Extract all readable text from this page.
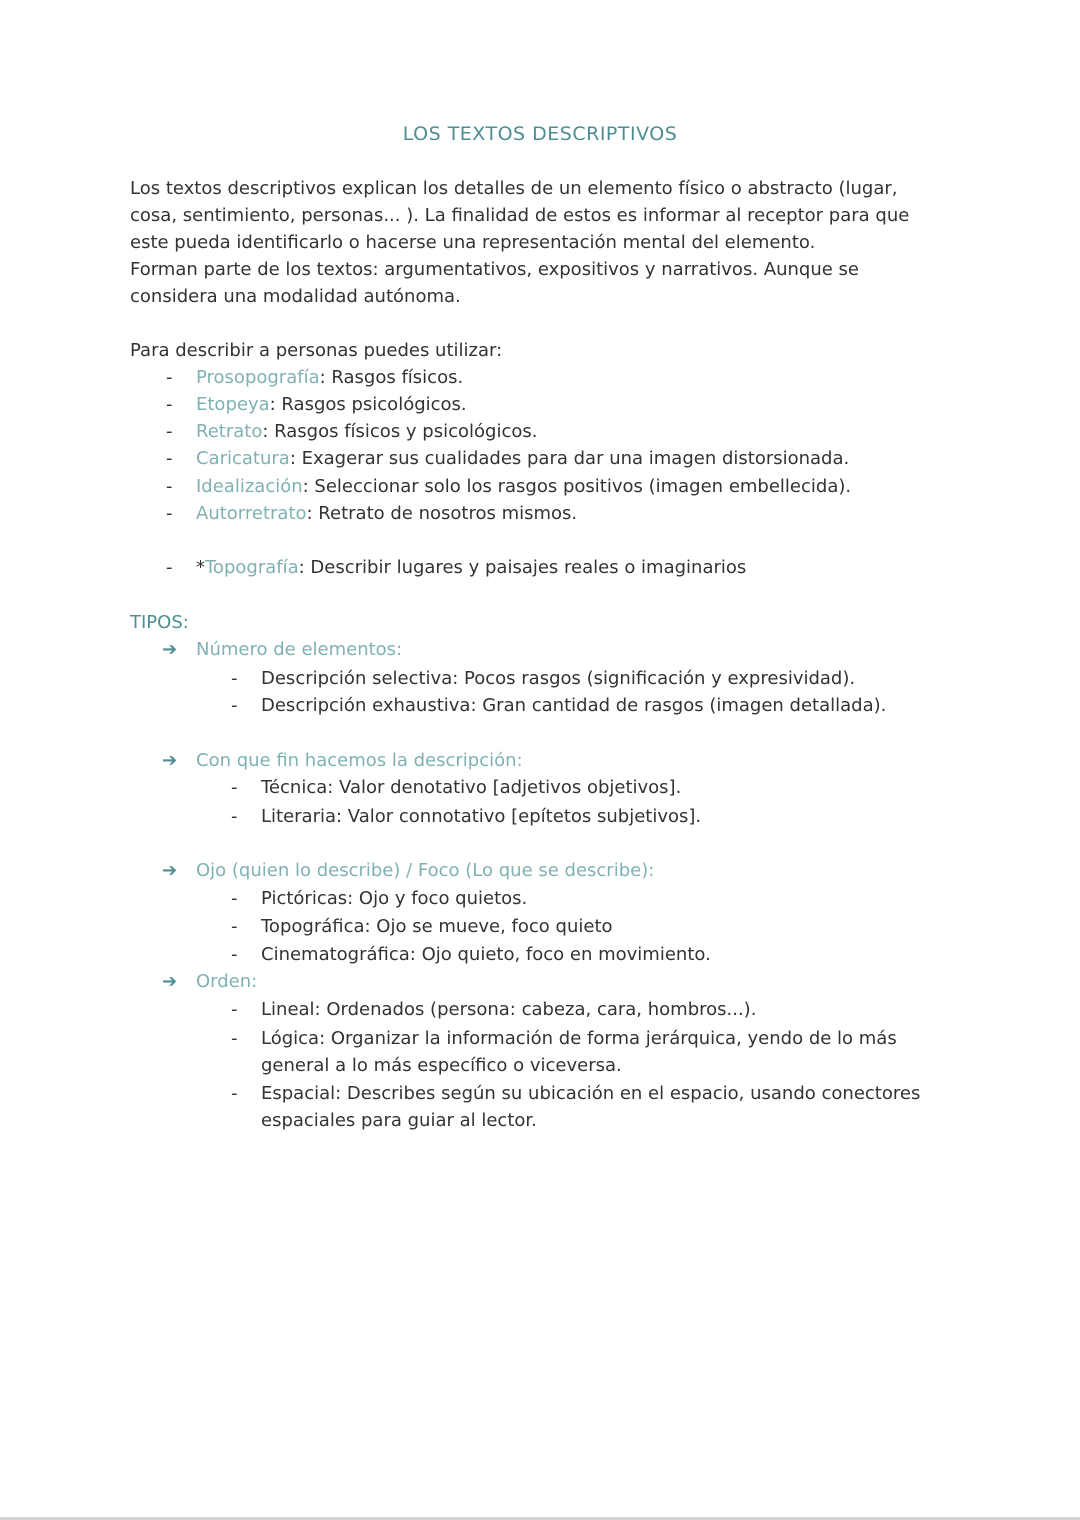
LOS TEXTOS DESCRIPTIVOS
Los textos descriptivos explican los detalles de un elemento físico o abstracto (lugar,
cosa, sentimiento, personas... ). La finalidad de estos es informar al receptor para que
este pueda identificarlo o hacerse una representación mental del elemento.
Forman parte de los textos: argumentativos, expositivos y narrativos. Aunque se
considera una modalidad autónoma.
Para describir a personas puedes utilizar:
- Prosopografía: Rasgos físicos.
- Etopeya: Rasgos psicológicos.
- Retrato: Rasgos físicos y psicológicos.
- Caricatura: Exagerar sus cualidades para dar una imagen distorsionada.
- Idealización: Seleccionar solo los rasgos positivos (imagen embellecida).
- Autorretrato: Retrato de nosotros mismos.
- *Topografía: Describir lugares y paisajes reales o imaginarios
TIPOS:
➔ Número de elementos:
- Descripción selectiva: Pocos rasgos (significación y expresividad).
- Descripción exhaustiva: Gran cantidad de rasgos (imagen detallada).
➔ Con que fin hacemos la descripción:
- Técnica: Valor denotativo [adjetivos objetivos].
- Literaria: Valor connotativo [epítetos subjetivos].
➔ Ojo (quien lo describe) / Foco (Lo que se describe):
- Pictóricas: Ojo y foco quietos.
- Topográfica: Ojo se mueve, foco quieto
- Cinematográfica: Ojo quieto, foco en movimiento.
➔ Orden:
- Lineal: Ordenados (persona: cabeza, cara, hombros...).
- Lógica: Organizar la información de forma jerárquica, yendo de lo más
general a lo más específico o viceversa.
- Espacial: Describes según su ubicación en el espacio, usando conectores
espaciales para guiar al lector.
